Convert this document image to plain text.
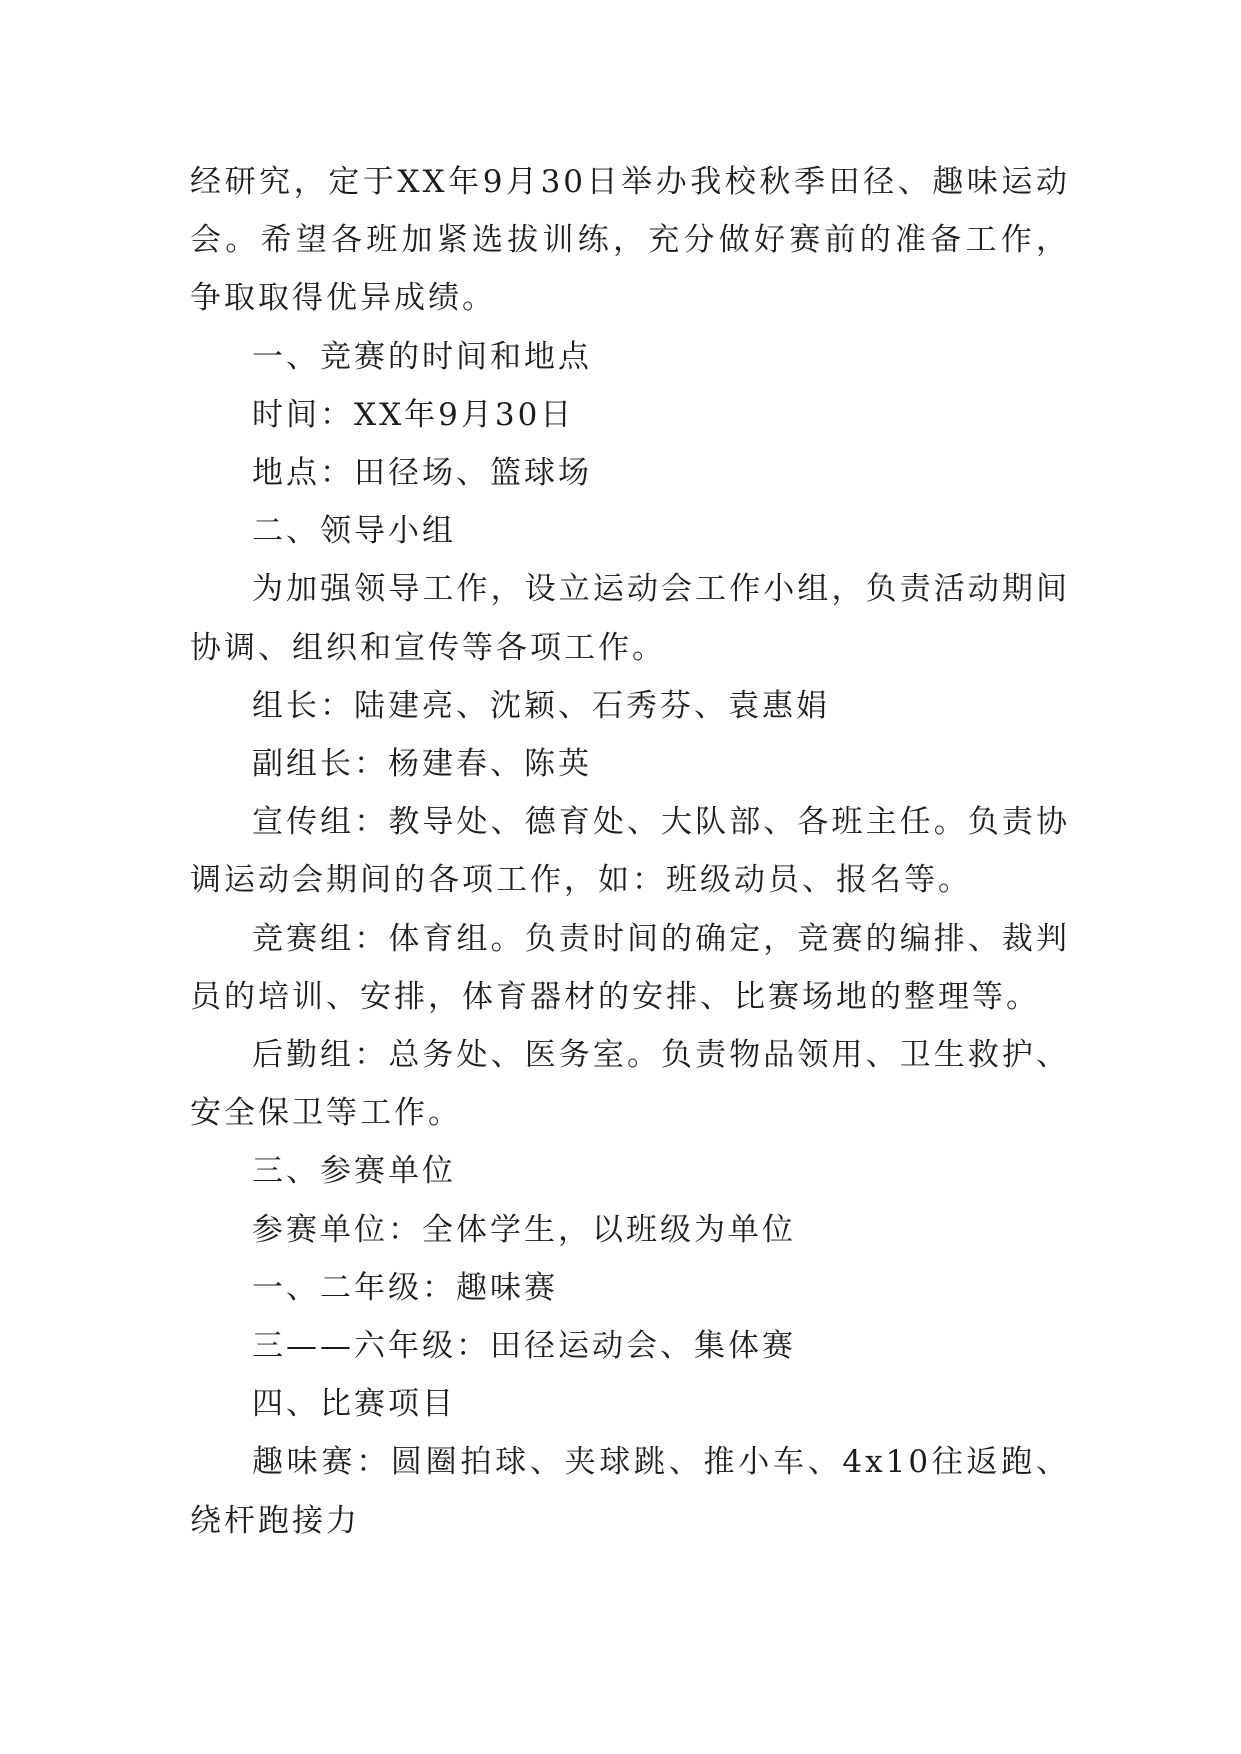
经研究，定于XX年9月30日举办我校秋季田径、趣味运动会。希望各班加紧选拔训练，充分做好赛前的准备工作，争取取得优异成绩。

一、竞赛的时间和地点

时间：XX年9月30日

地点：田径场、篮球场

二、领导小组

为加强领导工作，设立运动会工作小组，负责活动期间协调、组织和宣传等各项工作。

组长：陆建亮、沈颖、石秀芬、袁惠娟

副组长：杨建春、陈英

宣传组：教导处、德育处、大队部、各班主任。负责协调运动会期间的各项工作，如：班级动员、报名等。

竞赛组：体育组。负责时间的确定，竞赛的编排、裁判员的培训、安排，体育器材的安排、比赛场地的整理等。

后勤组：总务处、医务室。负责物品领用、卫生救护、安全保卫等工作。

三、参赛单位

参赛单位：全体学生，以班级为单位

一、二年级：趣味赛

三——六年级：田径运动会、集体赛

四、比赛项目

趣味赛：圆圈拍球、夹球跳、推小车、4x10往返跑、绕杆跑接力
